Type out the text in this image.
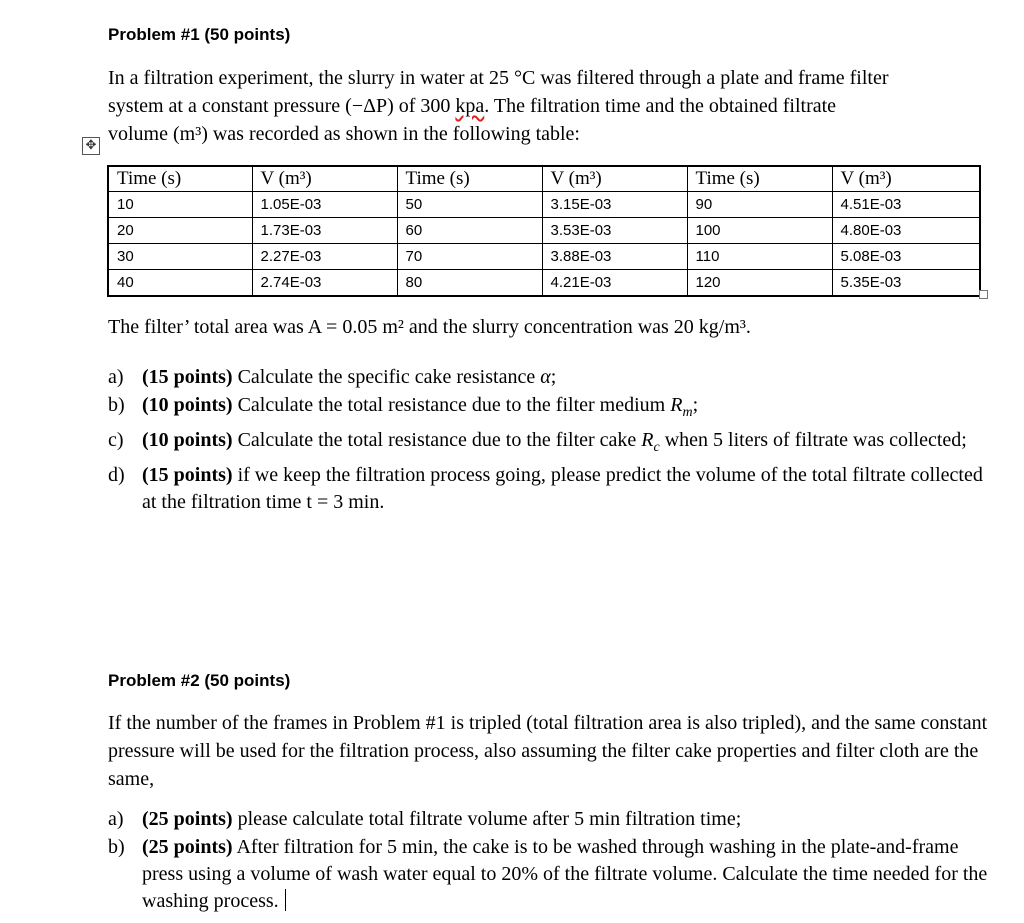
Problem #1 (50 points)
In a filtration experiment, the slurry in water at 25 °C was filtered through a plate and frame filter
system at a constant pressure (−ΔP) of 300 kpa. The filtration time and the obtained filtrate
volume (m³) was recorded as shown in the following table:
✥
Time (s)	V (m³)	Time (s)	V (m³)	Time (s)	V (m³)
10	1.05E-03	50	3.15E-03	90	4.51E-03
20	1.73E-03	60	3.53E-03	100	4.80E-03
30	2.27E-03	70	3.88E-03	110	5.08E-03
40	2.74E-03	80	4.21E-03	120	5.35E-03
The filter’ total area was A = 0.05 m² and the slurry concentration was 20 kg/m³.
a) (15 points) Calculate the specific cake resistance α;
b) (10 points) Calculate the total resistance due to the filter medium $R_m$;
c) (10 points) Calculate the total resistance due to the filter cake $R_c$ when 5 liters of filtrate was collected;
d) (15 points) if we keep the filtration process going, please predict the volume of the total filtrate collected at the filtration time t = 3 min.
Problem #2 (50 points)
If the number of the frames in Problem #1 is tripled (total filtration area is also tripled), and the same constant pressure will be used for the filtration process, also assuming the filter cake properties and filter cloth are the same,
a) (25 points) please calculate total filtrate volume after 5 min filtration time;
b) (25 points) After filtration for 5 min, the cake is to be washed through washing in the plate-and-frame press using a volume of wash water equal to 20% of the filtrate volume. Calculate the time needed for the washing process.
